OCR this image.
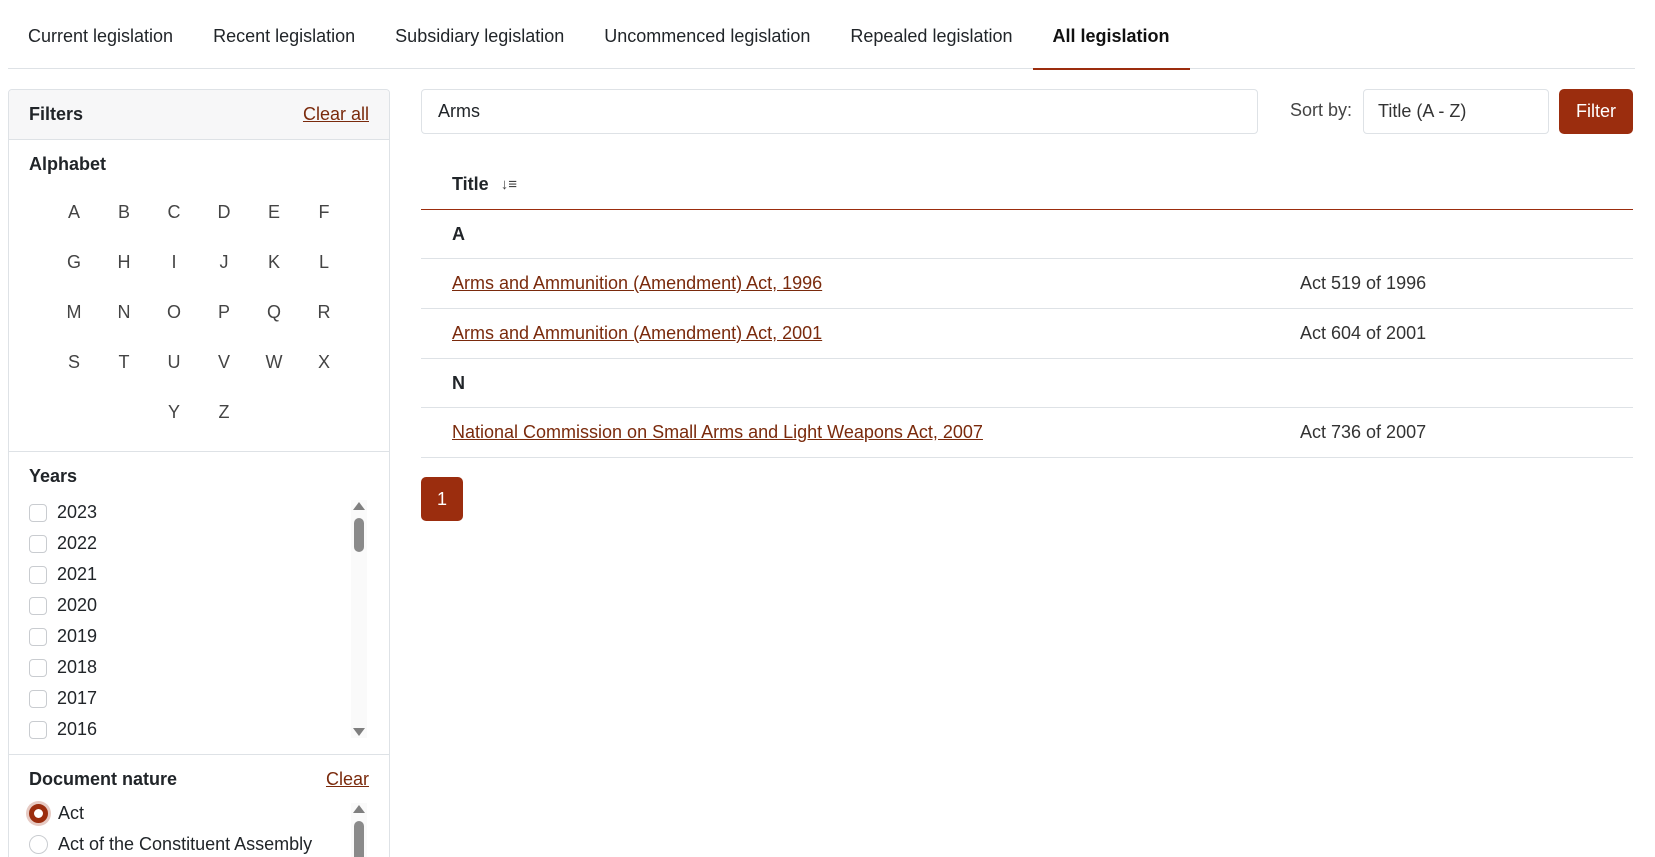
Current legislation	Recent legislation	Subsidiary legislation	Uncommenced legislation	Repealed legislation	All legislation
Filters	Clear all
Alphabet
A	B	C	D	E	F
G	H	I	J	K	L
M	N	O	P	Q	R
S	T	U	V	W	X
Y	Z
Years
2023
2022
2021
2020
2019
2018
2017
2016
Document nature	Clear
Act
Act of the Constituent Assembly
Arms
Sort by:	Title (A - Z)	Filter
Title ↓≡
A
Arms and Ammunition (Amendment) Act, 1996	Act 519 of 1996
Arms and Ammunition (Amendment) Act, 2001	Act 604 of 2001
N
National Commission on Small Arms and Light Weapons Act, 2007	Act 736 of 2007
1
